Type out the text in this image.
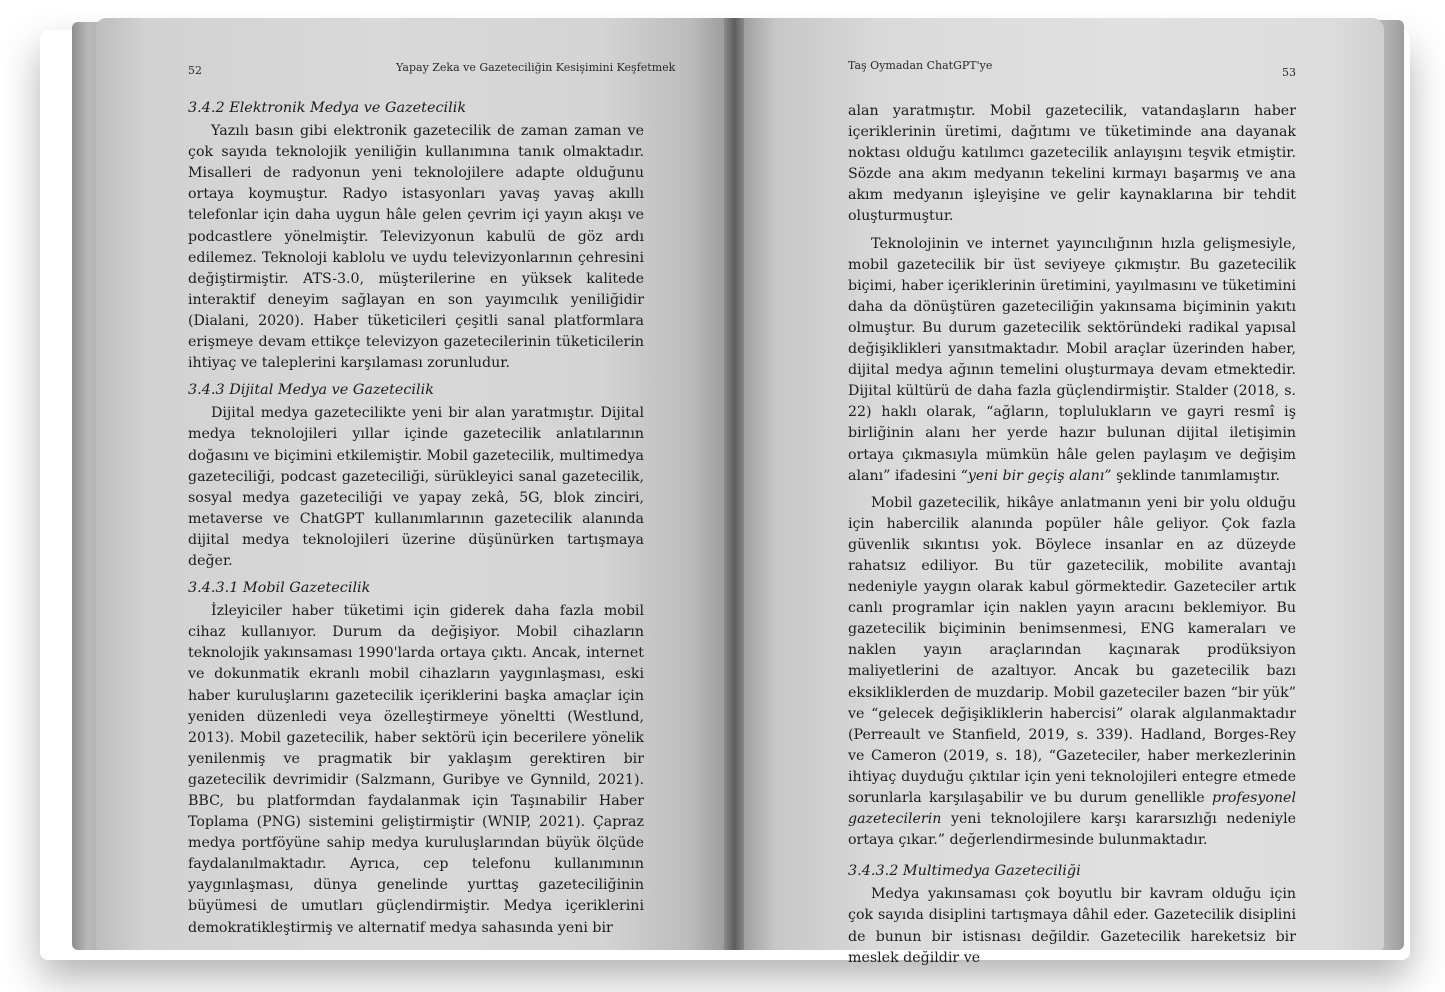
52	Yapay Zeka ve Gazeteciliğin Kesişimini Keşfetmek
3.4.2 Elektronik Medya ve Gazetecilik

Yazılı basın gibi elektronik gazetecilik de zaman zaman ve çok sayıda teknolojik yeniliğin kullanımına tanık olmaktadır. Misalleri de radyonun yeni teknolojilere adapte olduğunu ortaya koymuştur. Radyo istasyonları yavaş yavaş akıllı telefonlar için daha uygun hâle gelen çevrim içi yayın akışı ve podcastlere yönelmiştir. Televizyonun kabulü de göz ardı edilemez. Teknoloji kablolu ve uydu televizyonlarının çehresini değiştirmiştir. ATS-3.0, müşterilerine en yüksek kalitede interaktif deneyim sağlayan en son yayımcılık yeniliğidir (Dialani, 2020). Haber tüketicileri çeşitli sanal platformlara erişmeye devam ettikçe televizyon gazetecilerinin tüketicilerin ihtiyaç ve taleplerini karşılaması zorunludur.

3.4.3 Dijital Medya ve Gazetecilik

Dijital medya gazetecilikte yeni bir alan yaratmıştır. Dijital medya teknolojileri yıllar içinde gazetecilik anlatılarının doğasını ve biçimini etkilemiştir. Mobil gazetecilik, multimedya gazeteciliği, podcast gazeteciliği, sürükleyici sanal gazetecilik, sosyal medya gazeteciliği ve yapay zekâ, 5G, blok zinciri, metaverse ve ChatGPT kullanımlarının gazetecilik alanında dijital medya teknolojileri üzerine düşünürken tartışmaya değer.

3.4.3.1 Mobil Gazetecilik

İzleyiciler haber tüketimi için giderek daha fazla mobil cihaz kullanıyor. Durum da değişiyor. Mobil cihazların teknolojik yakınsaması 1990'larda ortaya çıktı. Ancak, internet ve dokunmatik ekranlı mobil cihazların yaygınlaşması, eski haber kuruluşlarını gazetecilik içeriklerini başka amaçlar için yeniden düzenledi veya özelleştirmeye yöneltti (Westlund, 2013). Mobil gazetecilik, haber sektörü için becerilere yönelik yenilenmiş ve pragmatik bir yaklaşım gerektiren bir gazetecilik devrimidir (Salzmann, Guribye ve Gynnild, 2021). BBC, bu platformdan faydalanmak için Taşınabilir Haber Toplama (PNG) sistemini geliştirmiştir (WNIP, 2021). Çapraz medya portföyüne sahip medya kuruluşlarından büyük ölçüde faydalanılmaktadır. Ayrıca, cep telefonu kullanımının yaygınlaşması, dünya genelinde yurttaş gazeteciliğinin büyümesi de umutları güçlendirmiştir. Medya içeriklerini demokratikleştirmiş ve alternatif medya sahasında yeni bir

Taş Oymadan ChatGPT'ye
53

alan yaratmıştır. Mobil gazetecilik, vatandaşların haber içeriklerinin üretimi, dağıtımı ve tüketiminde ana dayanak noktası olduğu katılımcı gazetecilik anlayışını teşvik etmiştir. Sözde ana akım medyanın tekelini kırmayı başarmış ve ana akım medyanın işleyişine ve gelir kaynaklarına bir tehdit oluşturmuştur.

Teknolojinin ve internet yayıncılığının hızla gelişmesiyle, mobil gazetecilik bir üst seviyeye çıkmıştır. Bu gazetecilik biçimi, haber içeriklerinin üretimini, yayılmasını ve tüketimini daha da dönüştüren gazeteciliğin yakınsama biçiminin yakıtı olmuştur. Bu durum gazetecilik sektöründeki radikal yapısal değişiklikleri yansıtmaktadır. Mobil araçlar üzerinden haber, dijital medya ağının temelini oluşturmaya devam etmektedir. Dijital kültürü de daha fazla güçlendirmiştir. Stalder (2018, s. 22) haklı olarak, “ağların, toplulukların ve gayri resmî iş birliğinin alanı her yerde hazır bulunan dijital iletişimin ortaya çıkmasıyla mümkün hâle gelen paylaşım ve değişim alanı” ifadesini “yeni bir geçiş alanı” şeklinde tanımlamıştır.

Mobil gazetecilik, hikâye anlatmanın yeni bir yolu olduğu için habercilik alanında popüler hâle geliyor. Çok fazla güvenlik sıkıntısı yok. Böylece insanlar en az düzeyde rahatsız ediliyor. Bu tür gazetecilik, mobilite avantajı nedeniyle yaygın olarak kabul görmektedir. Gazeteciler artık canlı programlar için naklen yayın aracını beklemiyor. Bu gazetecilik biçiminin benimsenmesi, ENG kameraları ve naklen yayın araçlarından kaçınarak prodüksiyon maliyetlerini de azaltıyor. Ancak bu gazetecilik bazı eksikliklerden de muzdarip. Mobil gazeteciler bazen “bir yük” ve “gelecek değişikliklerin habercisi” olarak algılanmaktadır (Perreault ve Stanfield, 2019, s. 339). Hadland, Borges-Rey ve Cameron (2019, s. 18), “Gazeteciler, haber merkezlerinin ihtiyaç duyduğu çıktılar için yeni teknolojileri entegre etmede sorunlarla karşılaşabilir ve bu durum genellikle profesyonel gazetecilerin yeni teknolojilere karşı kararsızlığı nedeniyle ortaya çıkar.” değerlendirmesinde bulunmaktadır.

3.4.3.2 Multimedya Gazeteciliği

Medya yakınsaması çok boyutlu bir kavram olduğu için çok sayıda disiplini tartışmaya dâhil eder. Gazetecilik disiplini de bunun bir istisnası değildir. Gazetecilik hareketsiz bir meslek değildir ve
